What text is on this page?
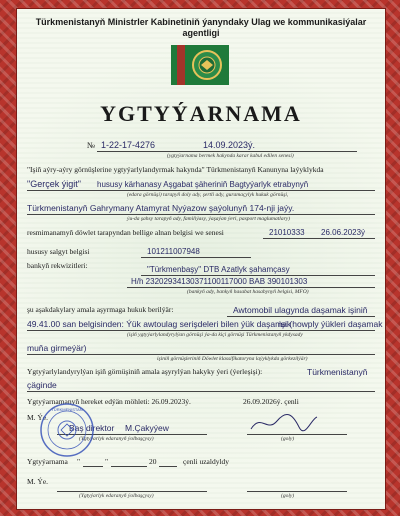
Türkmenistanyň Ministrler Kabinetiniň ýanyndaky Ulag we kommunikasiýalar agentligi
YGTYÝARNAMA
№ 1-22-17-4276	14.09.2023ý.
(ygtyýarnama bermek hakynda karar kabul edilen senesi)
"Işiň aýry-aýry görnüşlerine ygtyýarlylandyrmak hakynda" Türkmenistanyň Kanunyna laýyklykda
"Gerçek ýigit" hususy kärhanasy Aşgabat şäheriniň Bagtyýarlyk etrabynyň
(edara görnüşi) tarapyň doly ady, şertli ady, guramaçylyk hukuk görnüşi,
Türkmenistanyň Gahrymany Atamyrat Nyýazow şaýolunyň 174-nji jaýy.
ýu-da şahsy tarapyň ady, familiýasy, ýaşaýan ýeri, pasport maglumatlary)
resmimanamyň döwlet tarapyndan bellige alnan belgisi we senesi	21010333 26.06.2023ý
hususy salgyt belgisi	101211007948
bankyň rekwizitleri:	"Türkmenbaşy" DTB Azatlyk şahamçasy
H/h 23202934130371100117000 BAB 390101303
(bankyň ady, bankyň hasabat hasabynyň belgisi, MFO)
şu aşakdakylary amala aşyrmaga hukuk berilýär:	Awtomobil ulagynda daşamak işiniň
49.41.00 san belgisinden: Ýük awtoulag serişdeleri bilen ýük daşamak
işi (howply ýükleri daşamak
(işiň ygtyýarlylandyrylýan görnüşi ýa-da kiçi görnüşi Türkmenistanyň ykdysady
muňa girmeýär)
işiniň görnüşleriniň Döwlet klassifikatoryna laýyklykda görkezilýär)
Ygtyýarlylandyrylýan işiň görnüşiniň amala aşyrylýan hakyky ýeri (ýerleşişi):	Türkmenistanyň
çäginde
Ygtyýarnamanyň hereket edýän möhleti: 26.09.2023ý.	26.09.2026ý. çenli
M. Ýe.
Baş direktor M.Çakyýew
(Ygtyýarlyk edaranyň ýolbaşçysy)	(goly)
TÜRKMENISTAN
Ygtyýarnama "	"	20	çenli uzaldyldy
M. Ýe.
(Ygtyýarlyk edaranyň ýolbaşçysy)	(goly)
